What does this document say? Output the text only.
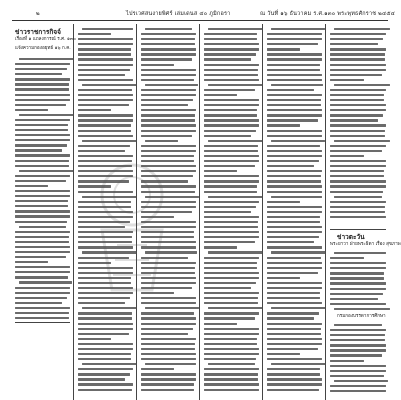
๒	ไปรเวศสนงายพิศร์ เล่มเดนส ๔๐ ภูมิกอรา	ณ วันที่ ๑๖ ธันวาคม ร.ศ.๑๓๐ พระพุทธศักราช ๒๔๕๔
ข่าวราชการกิจจ์
เรื่องที่ ๑ แถลงการณ์ ร.ศ. ๑๓๐
แจ้งความกองอยุทธ์ ๑๖ ก.ค.
ข่าวตะวัน
พระยาวา ฝ่ายพระธิดา เรื่อง สุขภาพ
กรมกองบรรดาการศึกษา
